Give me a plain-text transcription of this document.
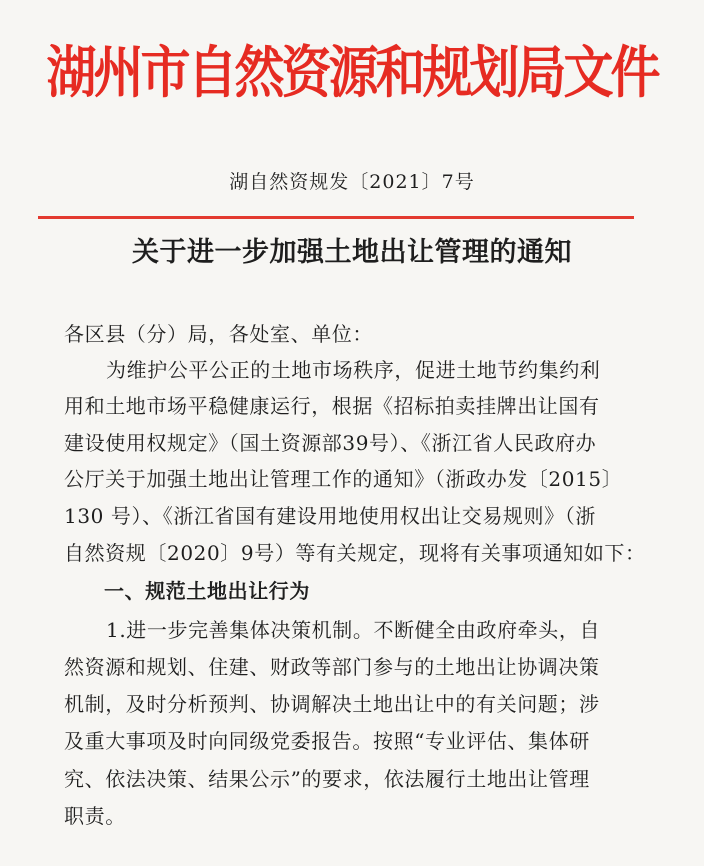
湖州市自然资源和规划局文件
湖自然资规发〔2021〕7号
关于进一步加强土地出让管理的通知
各区县（分）局，各处室、单位：
为维护公平公正的土地市场秩序，促进土地节约集约利
用和土地市场平稳健康运行，根据《招标拍卖挂牌出让国有
建设使用权规定》（国土资源部39号）、《浙江省人民政府办
公厅关于加强土地出让管理工作的通知》（浙政办发〔2015〕
130 号）、《浙江省国有建设用地使用权出让交易规则》（浙
自然资规〔2020〕9号）等有关规定，现将有关事项通知如下：
一、规范土地出让行为
1.进一步完善集体决策机制。不断健全由政府牵头，自
然资源和规划、住建、财政等部门参与的土地出让协调决策
机制，及时分析预判、协调解决土地出让中的有关问题；涉
及重大事项及时向同级党委报告。按照“专业评估、集体研
究、依法决策、结果公示”的要求，依法履行土地出让管理
职责。
